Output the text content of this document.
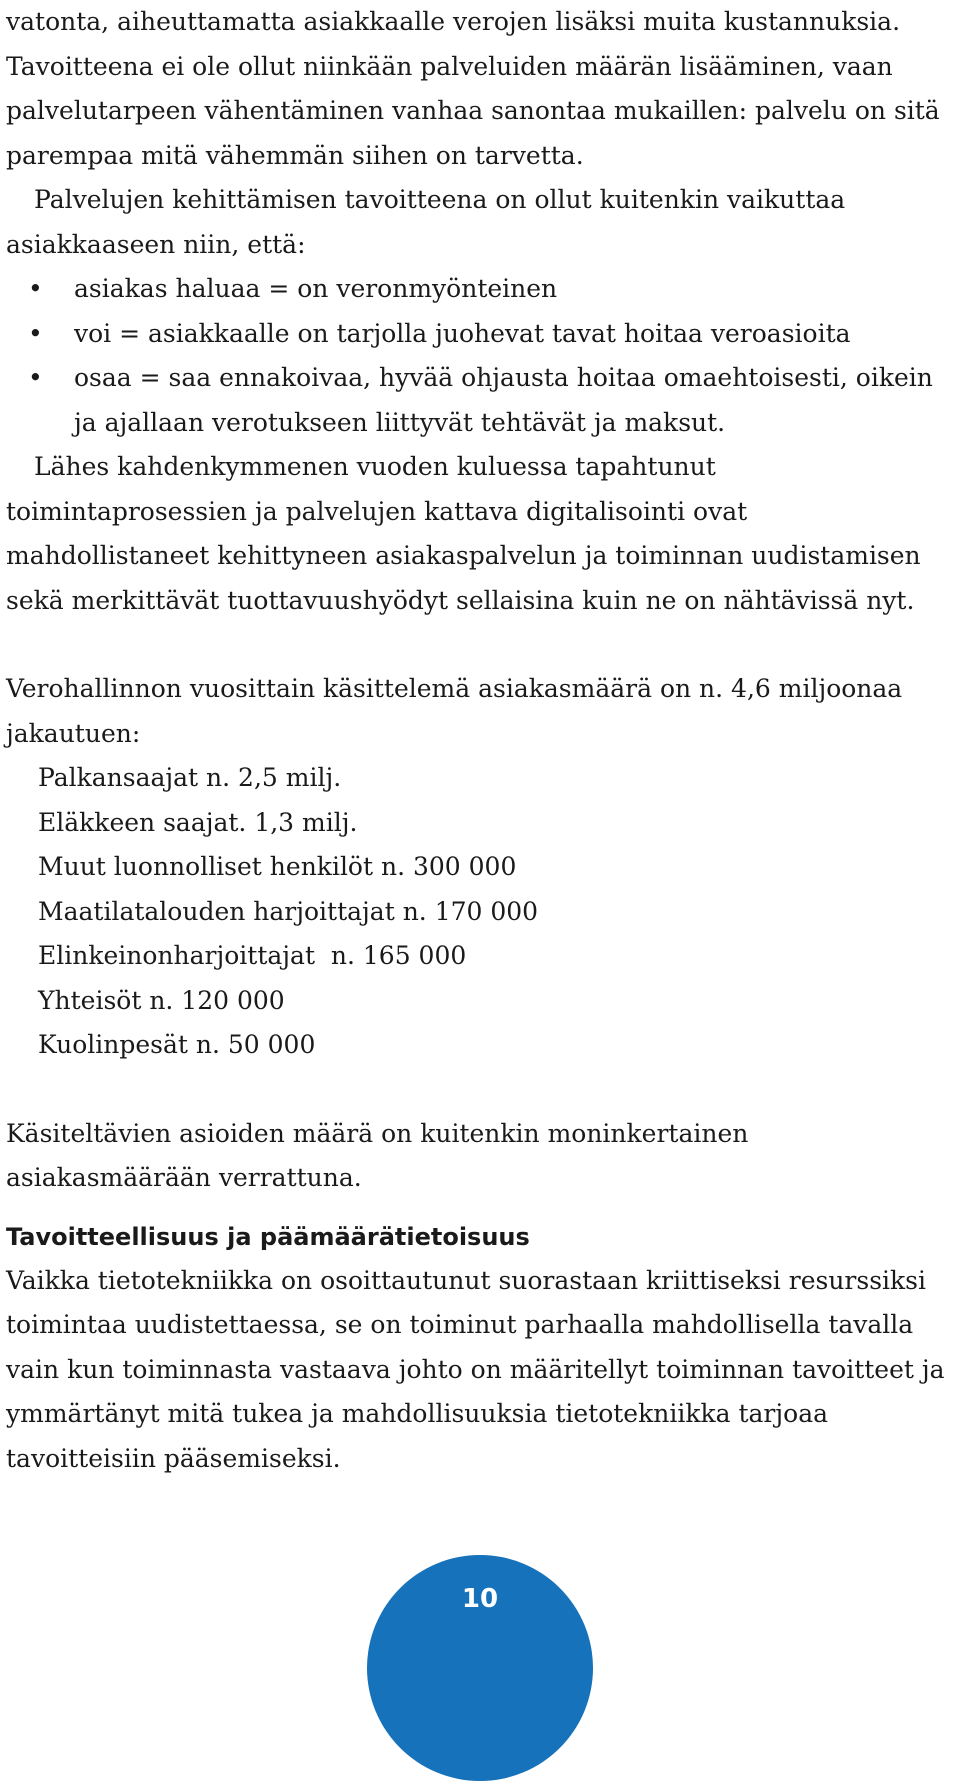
vatonta, aiheuttamatta asiakkaalle verojen lisäksi muita kustannuksia. Tavoitteena ei ole ollut niinkään palveluiden määrän lisääminen, vaan palvelutarpeen vähentäminen vanhaa sanontaa mukaillen: palvelu on sitä parempaa mitä vähemmän siihen on tarvetta.

Palvelujen kehittämisen tavoitteena on ollut kuitenkin vaikuttaa asiakkaaseen niin, että:

• asiakas haluaa = on veronmyönteinen
• voi = asiakkaalle on tarjolla juohevat tavat hoitaa veroasioita
• osaa = saa ennakoivaa, hyvää ohjausta hoitaa omaehtoisesti, oikein ja ajallaan verotukseen liittyvät tehtävät ja maksut.

Lähes kahdenkymmenen vuoden kuluessa tapahtunut toimintaprosessien ja palvelujen kattava digitalisointi ovat mahdollistaneet kehittyneen asiakaspalvelun ja toiminnan uudistamisen sekä merkittävät tuottavuushyödyt sellaisina kuin ne on nähtävissä nyt.

Verohallinnon vuosittain käsittelemä asiakasmäärä on n. 4,6 miljoonaa jakautuen:

Palkansaajat n. 2,5 milj.
Eläkkeen saajat. 1,3 milj.
Muut luonnolliset henkilöt n. 300 000
Maatilatalouden harjoittajat n. 170 000
Elinkeinonharjoittajat  n. 165 000
Yhteisöt n. 120 000
Kuolinpesät n. 50 000

Käsiteltävien asioiden määrä on kuitenkin moninkertainen asiakasmäärään verrattuna.

Tavoitteellisuus ja päämäärätietoisuus

Vaikka tietotekniikka on osoittautunut suorastaan kriittiseksi resurssiksi toimintaa uudistettaessa, se on toiminut parhaalla mahdollisella tavalla vain kun toiminnasta vastaava johto on määritellyt toiminnan tavoitteet ja ymmärtänyt mitä tukea ja mahdollisuuksia tietotekniikka tarjoaa tavoitteisiin pääsemiseksi.

10
